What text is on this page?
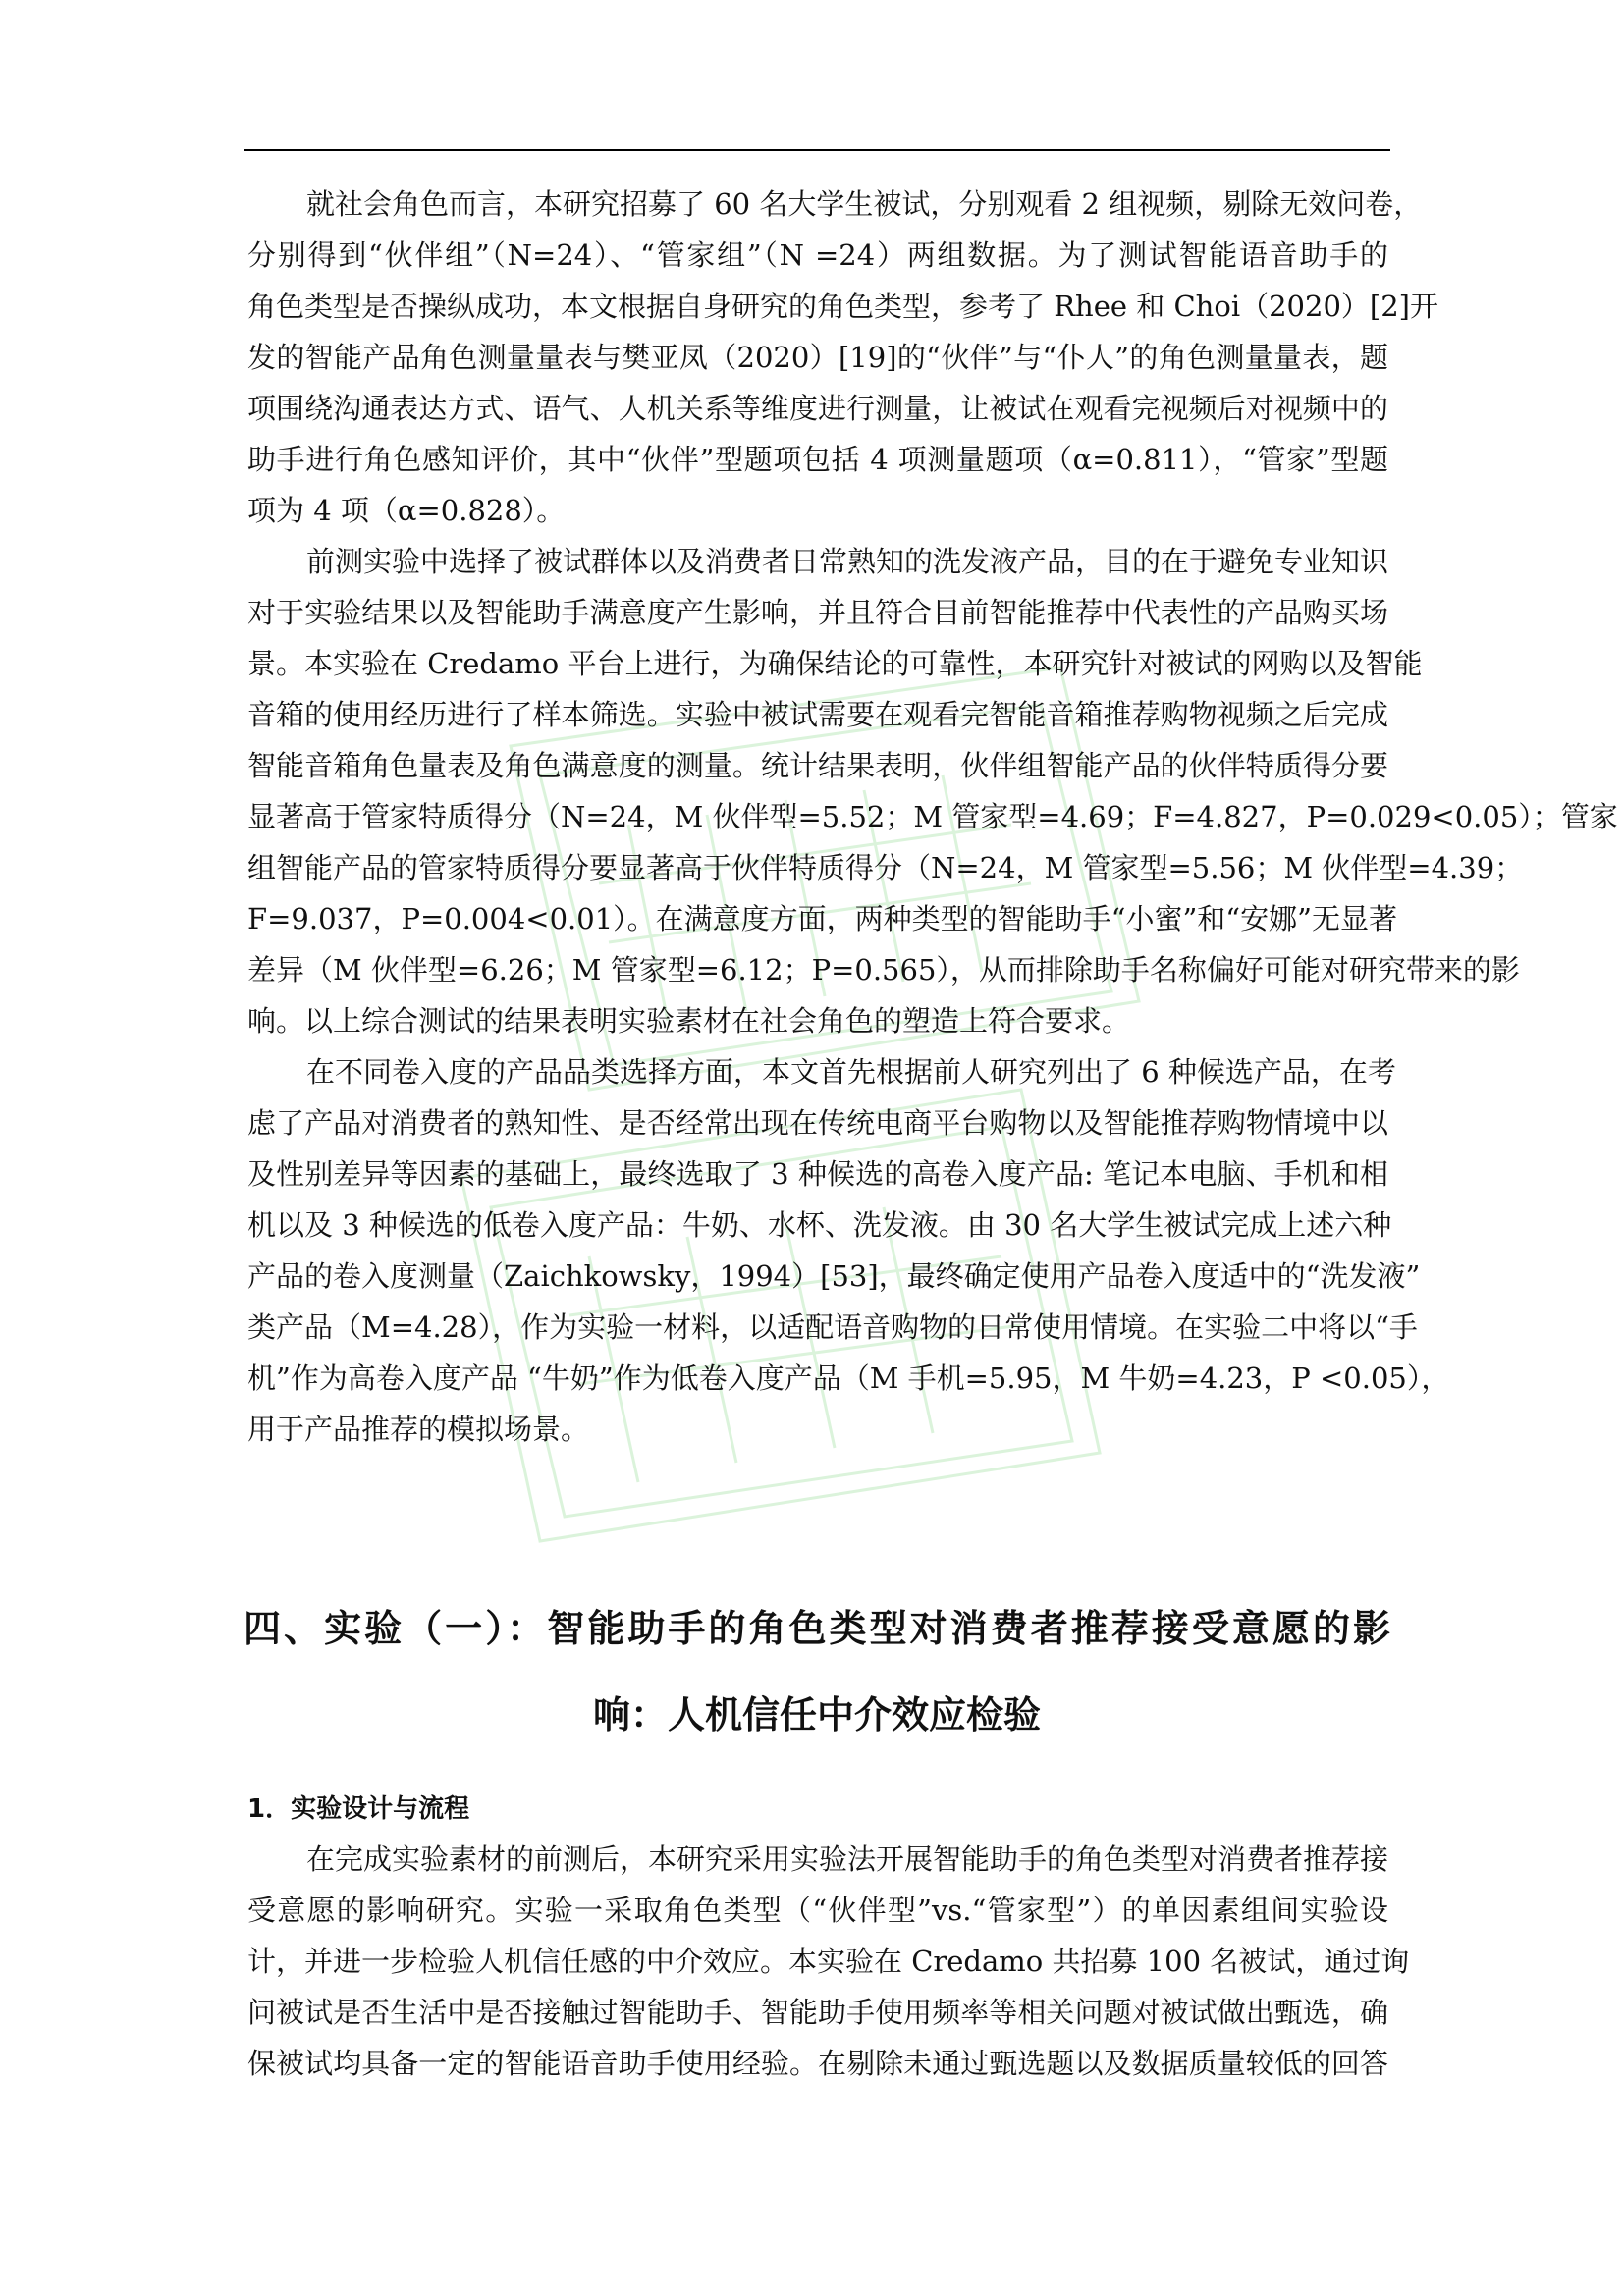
就社会角色而言，本研究招募了 60 名大学生被试，分别观看 2 组视频，剔除无效问卷，
分别得到“伙伴组”（N=24）、“管家组”（N =24）两组数据。为了测试智能语音助手的
角色类型是否操纵成功，本文根据自身研究的角色类型，参考了 Rhee 和 Choi（2020）[2]开
发的智能产品角色测量量表与樊亚凤（2020）[19]的“伙伴”与“仆人”的角色测量量表，题
项围绕沟通表达方式、语气、人机关系等维度进行测量，让被试在观看完视频后对视频中的
助手进行角色感知评价，其中“伙伴”型题项包括 4 项测量题项（α=0.811），“管家”型题
项为 4 项（α=0.828）。
前测实验中选择了被试群体以及消费者日常熟知的洗发液产品，目的在于避免专业知识
对于实验结果以及智能助手满意度产生影响，并且符合目前智能推荐中代表性的产品购买场
景。本实验在 Credamo 平台上进行，为确保结论的可靠性，本研究针对被试的网购以及智能
音箱的使用经历进行了样本筛选。实验中被试需要在观看完智能音箱推荐购物视频之后完成
智能音箱角色量表及角色满意度的测量。统计结果表明，伙伴组智能产品的伙伴特质得分要
显著高于管家特质得分（N=24，M 伙伴型=5.52；M 管家型=4.69；F=4.827，P=0.029<0.05）；管家
组智能产品的管家特质得分要显著高于伙伴特质得分（N=24，M 管家型=5.56；M 伙伴型=4.39；
F=9.037，P=0.004<0.01）。在满意度方面，两种类型的智能助手“小蜜”和“安娜”无显著
差异（M 伙伴型=6.26；M 管家型=6.12；P=0.565），从而排除助手名称偏好可能对研究带来的影
响。以上综合测试的结果表明实验素材在社会角色的塑造上符合要求。
在不同卷入度的产品品类选择方面，本文首先根据前人研究列出了 6 种候选产品，在考
虑了产品对消费者的熟知性、是否经常出现在传统电商平台购物以及智能推荐购物情境中以
及性别差异等因素的基础上，最终选取了 3 种候选的高卷入度产品: 笔记本电脑、手机和相
机以及 3 种候选的低卷入度产品：牛奶、水杯、洗发液。由 30 名大学生被试完成上述六种
产品的卷入度测量（Zaichkowsky，1994）[53]，最终确定使用产品卷入度适中的“洗发液”
类产品（M=4.28），作为实验一材料，以适配语音购物的日常使用情境。在实验二中将以“手
机”作为高卷入度产品 “牛奶”作为低卷入度产品（M 手机=5.95，M 牛奶=4.23，P <0.05），
用于产品推荐的模拟场景。
四、实验（一）：智能助手的角色类型对消费者推荐接受意愿的影
响：人机信任中介效应检验
1．实验设计与流程
在完成实验素材的前测后，本研究采用实验法开展智能助手的角色类型对消费者推荐接
受意愿的影响研究。实验一采取角色类型（“伙伴型”vs.“管家型”）的单因素组间实验设
计，并进一步检验人机信任感的中介效应。本实验在 Credamo 共招募 100 名被试，通过询
问被试是否生活中是否接触过智能助手、智能助手使用频率等相关问题对被试做出甄选，确
保被试均具备一定的智能语音助手使用经验。在剔除未通过甄选题以及数据质量较低的回答
